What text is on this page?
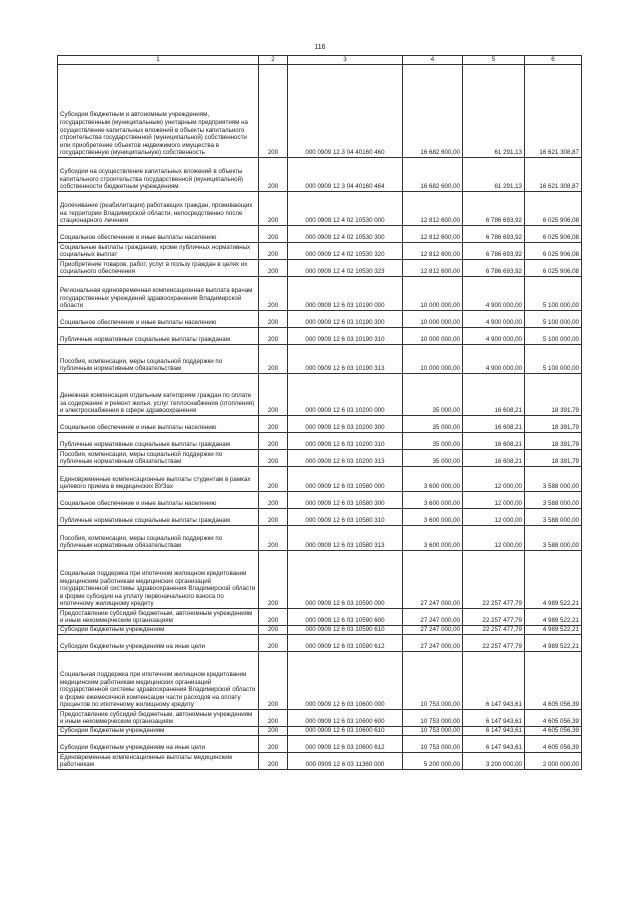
116
1	2	3	4	5	6
Субсидии бюджетным и автономным учреждениям, государственным (муниципальным) унитарным предприятиям на осуществление капитальных вложений в объекты капитального строительства государственной (муниципальной) собственности или приобретение объектов недвижимого имущества в государственную (муниципальную) собственность	200	000 0909 12 3 04 40160 460	16 682 600,00	61 291,13	16 621 308,87
Субсидии на осуществление капитальных вложений в объекты капитального строительства государственной (муниципальной) собственности бюджетным учреждениям	200	000 0909 12 3 04 40160 464	16 682 600,00	61 291,13	16 621 308,87
Долечивание (реабилитация) работающих граждан, проживающих на территории Владимирской области, непосредственно после стационарного лечения	200	000 0909 12 4 02 10530 000	12 812 600,00	6 786 693,92	6 025 906,08
Социальное обеспечение и иные выплаты населению	200	000 0909 12 4 02 10530 300	12 812 600,00	6 786 693,92	6 025 906,08
Социальные выплаты гражданам, кроме публичных нормативных социальных выплат	200	000 0909 12 4 02 10530 320	12 812 600,00	6 786 693,92	6 025 906,08
Приобретение товаров, работ, услуг в пользу граждан в целях их социального обеспечения	200	000 0909 12 4 02 10530 323	12 812 600,00	6 786 693,92	6 025 906,08
Региональная единовременная компенсационная выплата врачам государственных учреждений здравоохранения Владимирской области	200	000 0909 12 6 03 10190 000	10 000 000,00	4 900 000,00	5 100 000,00
Социальное обеспечение и иные выплаты населению	200	000 0909 12 6 03 10190 300	10 000 000,00	4 900 000,00	5 100 000,00
Публичные нормативные социальные выплаты гражданам	200	000 0909 12 6 03 10190 310	10 000 000,00	4 900 000,00	5 100 000,00
Пособия, компенсации, меры социальной поддержки по публичным нормативным обязательствам	200	000 0909 12 6 03 10190 313	10 000 000,00	4 900 000,00	5 100 000,00
Денежная компенсация отдельным категориям граждан по оплате за содержание и ремонт жилья, услуг теплоснабжения (отопления) и электроснабжения в сфере здравоохранения	200	000 0909 12 6 03 10200 000	35 000,00	16 608,21	18 391,79
Социальное обеспечение и иные выплаты населению	200	000 0909 12 6 03 10200 300	35 000,00	16 608,21	18 391,79
Публичные нормативные социальные выплаты гражданам	200	000 0909 12 6 03 10200 310	35 000,00	16 608,21	18 391,79
Пособия, компенсации, меры социальной поддержки по публичным нормативным обязательствам	200	000 0909 12 6 03 10200 313	35 000,00	16 608,21	18 391,79
Единовременные компенсационные выплаты студентам в рамках целевого приема в медицинских ВУЗах	200	000 0909 12 6 03 10580 000	3 600 000,00	12 000,00	3 588 000,00
Социальное обеспечение и иные выплаты населению	200	000 0909 12 6 03 10580 300	3 600 000,00	12 000,00	3 588 000,00
Публичные нормативные социальные выплаты гражданам	200	000 0909 12 6 03 10580 310	3 600 000,00	12 000,00	3 588 000,00
Пособия, компенсации, меры социальной поддержки по публичным нормативным обязательствам	200	000 0909 12 6 03 10580 313	3 600 000,00	12 000,00	3 588 000,00
Социальная поддержка при ипотечном жилищном кредитовании медицинским работникам медицинских организаций государственной системы здравоохранения Владимирской области в форме субсидии на уплату первоначального взноса по ипотечному жилищному кредиту	200	000 0909 12 6 03 10590 000	27 247 000,00	22 257 477,79	4 989 522,21
Предоставление субсидий бюджетным, автономным учреждениям и иным некоммерческим организациям	200	000 0909 12 6 03 10590 600	27 247 000,00	22 257 477,79	4 989 522,21
Субсидии бюджетным учреждениям	200	000 0909 12 6 03 10590 610	27 247 000,00	22 257 477,79	4 989 522,21
Субсидии бюджетным учреждениям на иные цели	200	000 0909 12 6 03 10590 612	27 247 000,00	22 257 477,79	4 989 522,21
Социальная поддержка при ипотечном жилищном кредитовании медицинским работникам медицинских организаций государственной системы здравоохранения Владимирской области в форме ежемесячной компенсации части расходов на оплату процентов по ипотечному жилищному кредиту	200	000 0909 12 6 03 10600 000	10 753 000,00	6 147 943,61	4 605 056,39
Предоставление субсидий бюджетным, автономным учреждениям и иным некоммерческим организациям	200	000 0909 12 6 03 10600 600	10 753 000,00	6 147 943,61	4 605 056,39
Субсидии бюджетным учреждениям	200	000 0909 12 6 03 10600 610	10 753 000,00	6 147 943,61	4 605 056,39
Субсидии бюджетным учреждениям на иные цели	200	000 0909 12 6 03 10600 612	10 753 000,00	6 147 943,61	4 605 056,39
Единовременные компенсационные выплаты медицинским работникам	200	000 0909 12 6 03 11360 000	5 200 000,00	3 200 000,00	2 000 000,00
